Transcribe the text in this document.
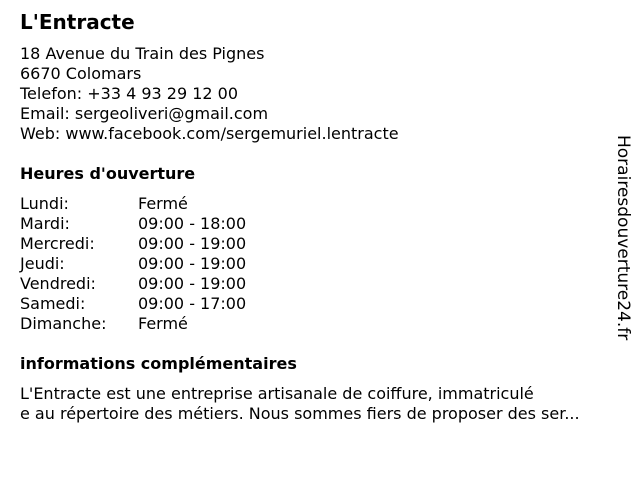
L'Entracte
18 Avenue du Train des Pignes
6670 Colomars
Telefon: +33 4 93 29 12 00
Email: sergeoliveri@gmail.com
Web: www.facebook.com/sergemuriel.lentracte
Heures d'ouverture
Lundi:	Fermé
Mardi:	09:00 - 18:00
Mercredi:	09:00 - 19:00
Jeudi:	09:00 - 19:00
Vendredi:	09:00 - 19:00
Samedi:	09:00 - 17:00
Dimanche: Fermé
informations complémentaires
L'Entracte est une entreprise artisanale de coiffure, immatriculé
e au répertoire des métiers. Nous sommes fiers de proposer des ser...
Horairesdouverture24.fr
